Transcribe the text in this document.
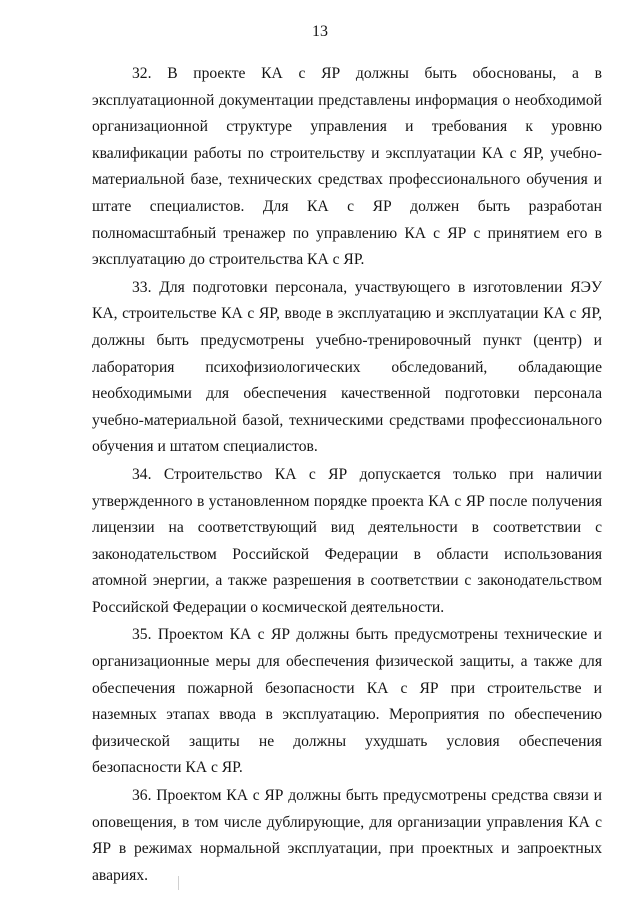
13

32. В проекте КА с ЯР должны быть обоснованы, а в эксплуатационной документации представлены информация о необходимой организационной структуре управления и требования к уровню квалификации работы по строительству и эксплуатации КА с ЯР, учебно-материальной базе, технических средствах профессионального обучения и штате специалистов. Для КА с ЯР должен быть разработан полномасштабный тренажер по управлению КА с ЯР с принятием его в эксплуатацию до строительства КА с ЯР.

33. Для подготовки персонала, участвующего в изготовлении ЯЭУ КА, строительстве КА с ЯР, вводе в эксплуатацию и эксплуатации КА с ЯР, должны быть предусмотрены учебно-тренировочный пункт (центр) и лаборатория психофизиологических обследований, обладающие необходимыми для обеспечения качественной подготовки персонала учебно-материальной базой, техническими средствами профессионального обучения и штатом специалистов.

34. Строительство КА с ЯР допускается только при наличии утвержденного в установленном порядке проекта КА с ЯР после получения лицензии на соответствующий вид деятельности в соответствии с законодательством Российской Федерации в области использования атомной энергии, а также разрешения в соответствии с законодательством Российской Федерации о космической деятельности.

35. Проектом КА с ЯР должны быть предусмотрены технические и организационные меры для обеспечения физической защиты, а также для обеспечения пожарной безопасности КА с ЯР при строительстве и наземных этапах ввода в эксплуатацию. Мероприятия по обеспечению физической защиты не должны ухудшать условия обеспечения безопасности КА с ЯР.

36. Проектом КА с ЯР должны быть предусмотрены средства связи и оповещения, в том числе дублирующие, для организации управления КА с ЯР в режимах нормальной эксплуатации, при проектных и запроектных авариях.
